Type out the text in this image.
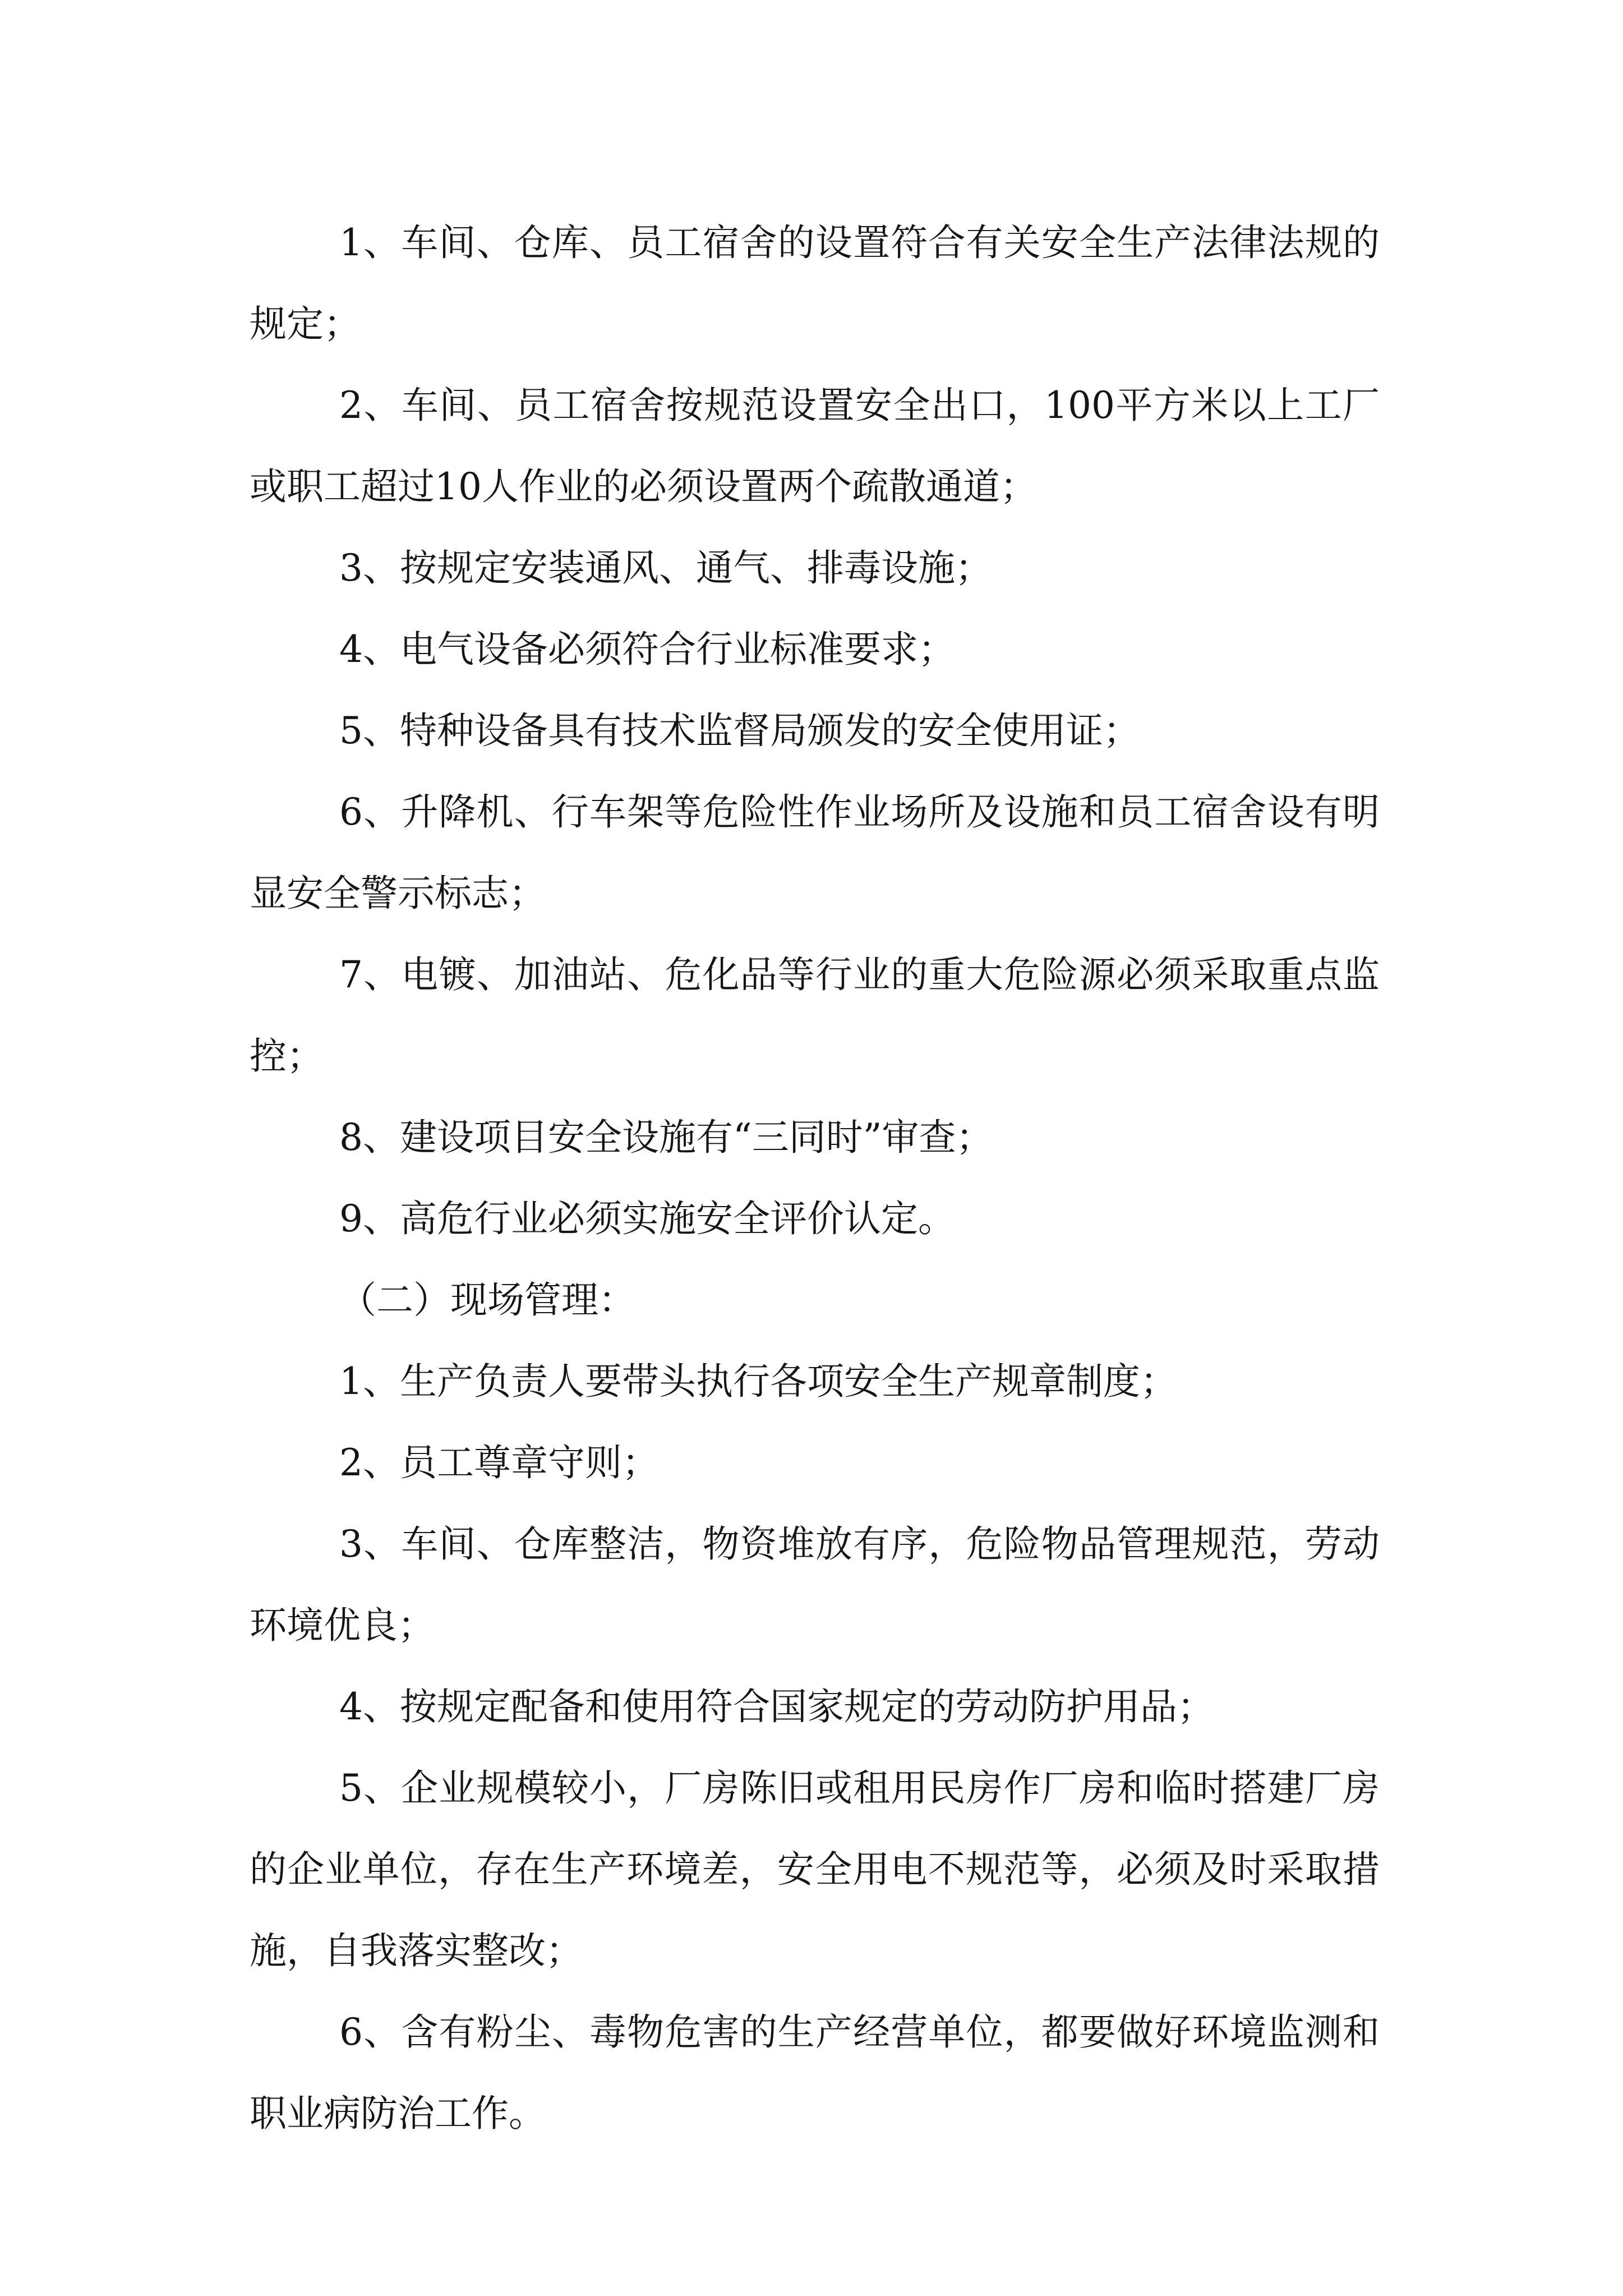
1、车间、仓库、员工宿舍的设置符合有关安全生产法律法规的规定；

2、车间、员工宿舍按规范设置安全出口，100平方米以上工厂或职工超过10人作业的必须设置两个疏散通道；

3、按规定安装通风、通气、排毒设施；

4、电气设备必须符合行业标准要求；

5、特种设备具有技术监督局颁发的安全使用证；

6、升降机、行车架等危险性作业场所及设施和员工宿舍设有明显安全警示标志；

7、电镀、加油站、危化品等行业的重大危险源必须采取重点监控；

8、建设项目安全设施有“三同时”审查；

9、高危行业必须实施安全评价认定。

（二）现场管理：

1、生产负责人要带头执行各项安全生产规章制度；

2、员工尊章守则；

3、车间、仓库整洁，物资堆放有序，危险物品管理规范，劳动环境优良；

4、按规定配备和使用符合国家规定的劳动防护用品；

5、企业规模较小，厂房陈旧或租用民房作厂房和临时搭建厂房的企业单位，存在生产环境差，安全用电不规范等，必须及时采取措施，自我落实整改；

6、含有粉尘、毒物危害的生产经营单位，都要做好环境监测和职业病防治工作。
